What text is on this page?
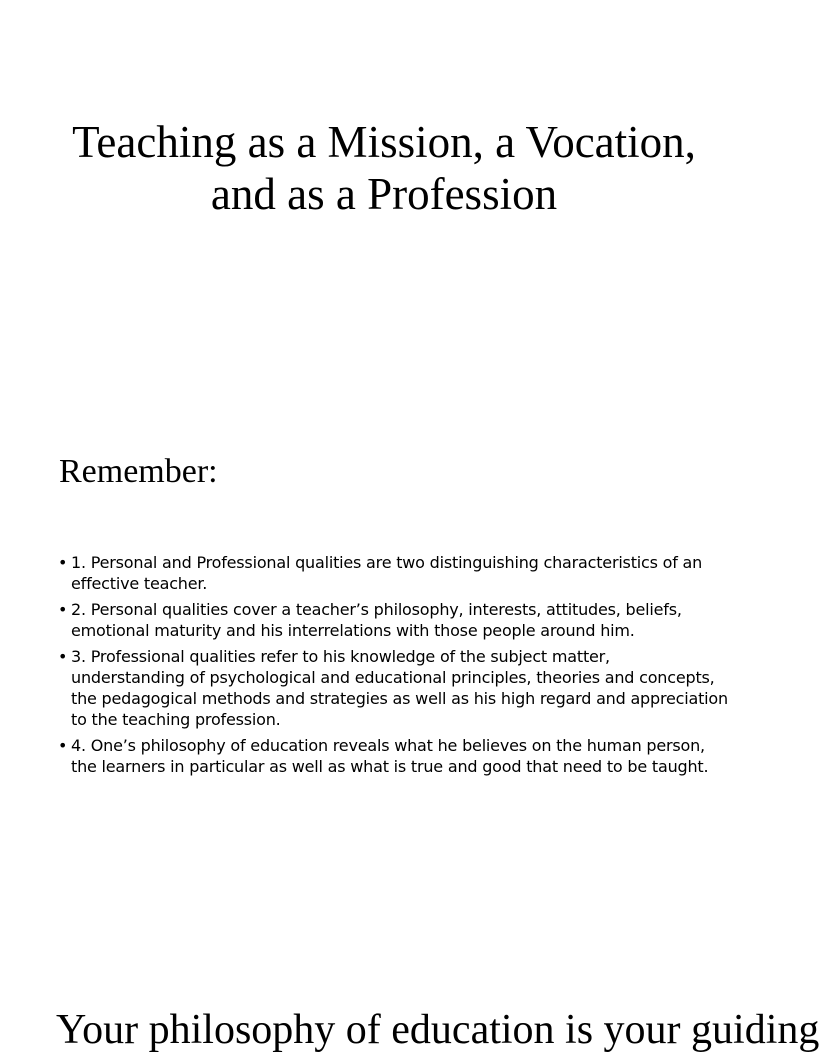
Teaching as a Mission, a Vocation, and as a Profession
Remember:
• 1. Personal and Professional qualities are two distinguishing characteristics of an effective teacher.
• 2. Personal qualities cover a teacher’s philosophy, interests, attitudes, beliefs, emotional maturity and his interrelations with those people around him.
• 3. Professional qualities refer to his knowledge of the subject matter, understanding of psychological and educational principles, theories and concepts, the pedagogical methods and strategies as well as his high regard and appreciation to the teaching profession.
• 4. One’s philosophy of education reveals what he believes on the human person, the learners in particular as well as what is true and good that need to be taught.
Your philosophy of education is your guiding
